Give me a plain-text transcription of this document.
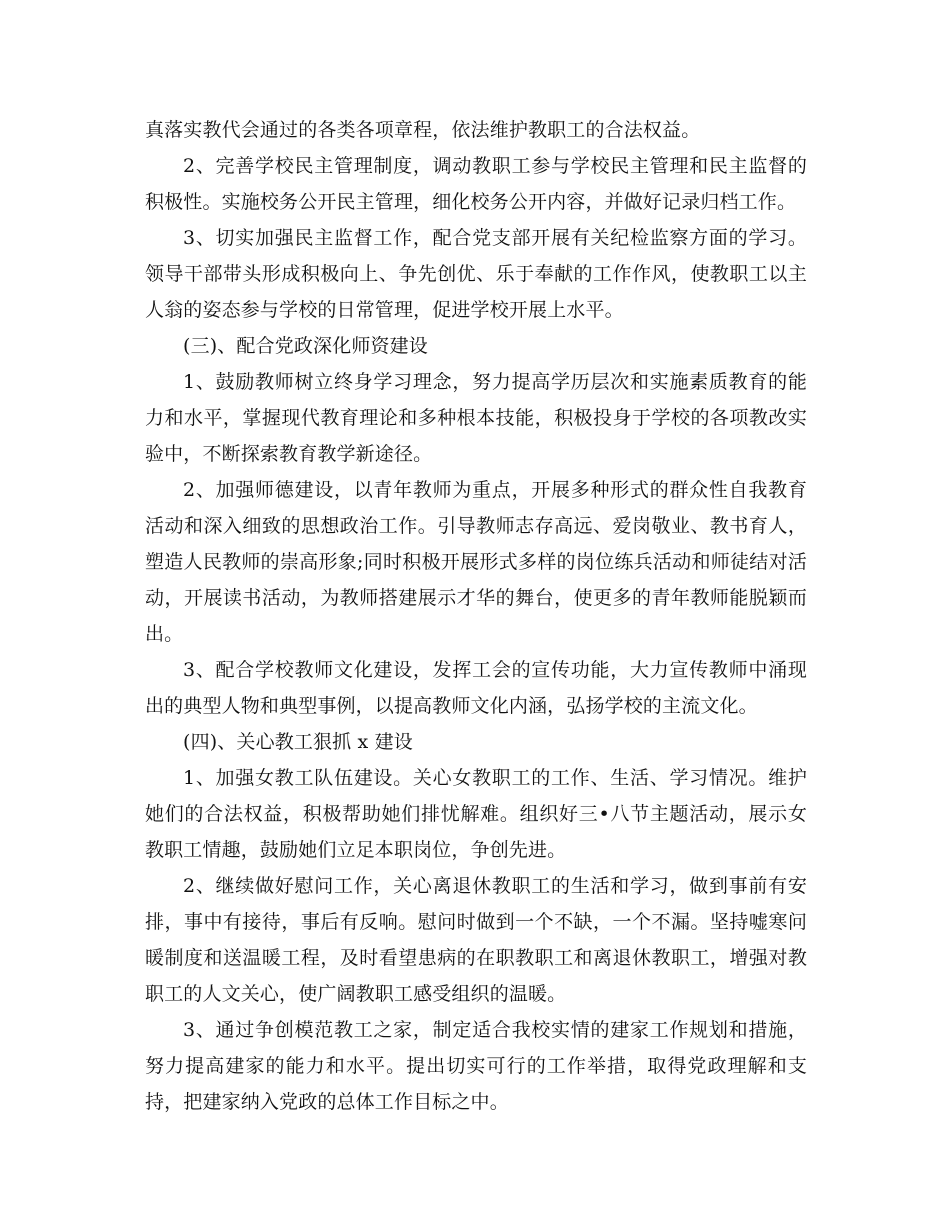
真落实教代会通过的各类各项章程，依法维护教职工的合法权益。

2、完善学校民主管理制度，调动教职工参与学校民主管理和民主监督的积极性。实施校务公开民主管理，细化校务公开内容，并做好记录归档工作。

3、切实加强民主监督工作，配合党支部开展有关纪检监察方面的学习。领导干部带头形成积极向上、争先创优、乐于奉献的工作作风，使教职工以主人翁的姿态参与学校的日常管理，促进学校开展上水平。

(三)、配合党政深化师资建设

1、鼓励教师树立终身学习理念，努力提高学历层次和实施素质教育的能力和水平，掌握现代教育理论和多种根本技能，积极投身于学校的各项教改实验中，不断探索教育教学新途径。

2、加强师德建设，以青年教师为重点，开展多种形式的群众性自我教育活动和深入细致的思想政治工作。引导教师志存高远、爱岗敬业、教书育人，塑造人民教师的崇高形象;同时积极开展形式多样的岗位练兵活动和师徒结对活动，开展读书活动，为教师搭建展示才华的舞台，使更多的青年教师能脱颖而出。

3、配合学校教师文化建设，发挥工会的宣传功能，大力宣传教师中涌现出的典型人物和典型事例，以提高教师文化内涵，弘扬学校的主流文化。

(四)、关心教工狠抓 x 建设

1、加强女教工队伍建设。关心女教职工的工作、生活、学习情况。维护她们的合法权益，积极帮助她们排忧解难。组织好三•八节主题活动，展示女教职工情趣，鼓励她们立足本职岗位，争创先进。

2、继续做好慰问工作，关心离退休教职工的生活和学习，做到事前有安排，事中有接待，事后有反响。慰问时做到一个不缺，一个不漏。坚持嘘寒问暖制度和送温暖工程，及时看望患病的在职教职工和离退休教职工，增强对教职工的人文关心，使广阔教职工感受组织的温暖。

3、通过争创模范教工之家，制定适合我校实情的建家工作规划和措施，努力提高建家的能力和水平。提出切实可行的工作举措，取得党政理解和支持，把建家纳入党政的总体工作目标之中。
